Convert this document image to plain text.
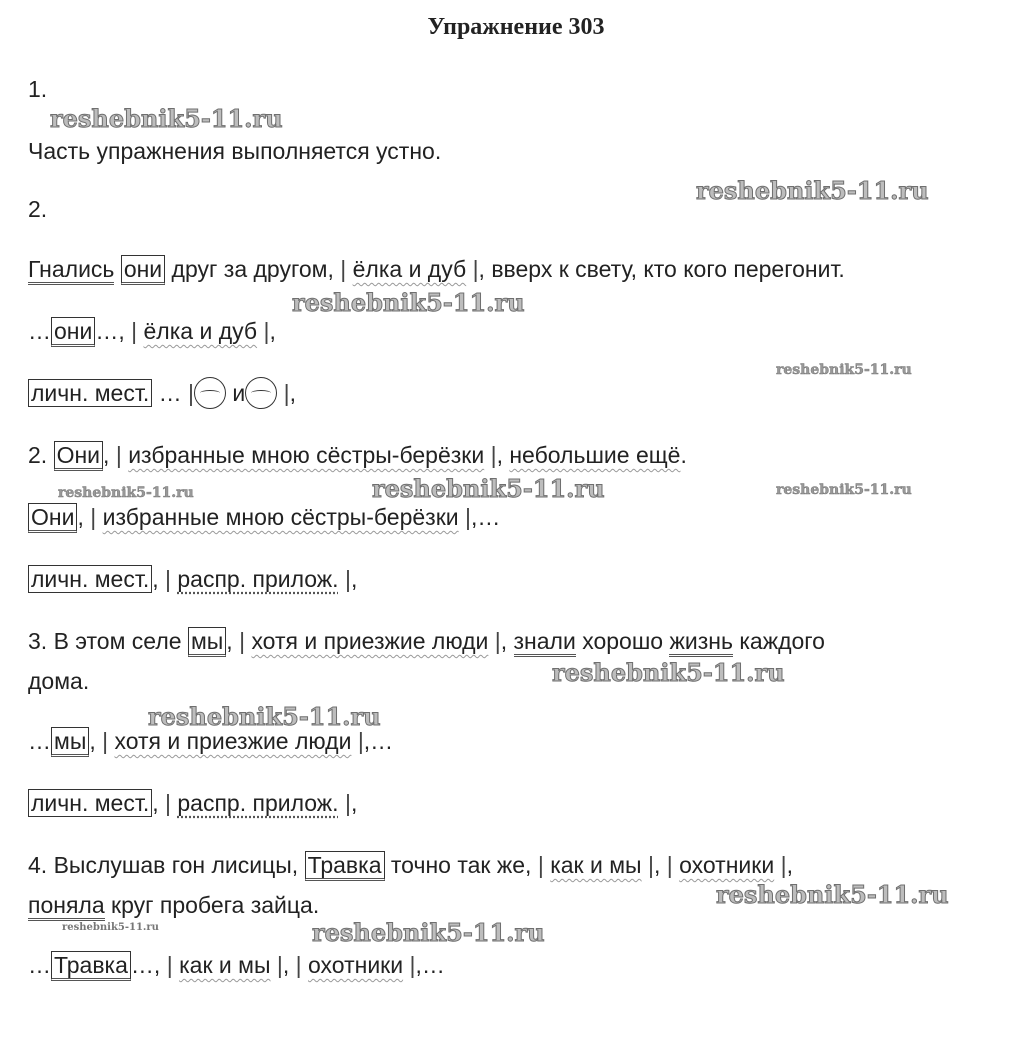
Упражнение 303
1.
Часть упражнения выполняется устно.
2.
Гнались они друг за другом, | ёлка и дуб |, вверх к свету, кто кого перегонит.
… они …, | ёлка и дуб |,
личн. мест. … | и |,
2. Они , | избранные мною сёстры-берёзки |, небольшие ещё.
Они , | избранные мною сёстры-берёзки |,…
личн. мест. , | распр. прилож. |,
3. В этом селе мы , | хотя и приезжие люди |, знали хорошо жизнь каждого
дома.
… мы , | хотя и приезжие люди |,…
личн. мест. , | распр. прилож. |,
4. Выслушав гон лисицы, Травка точно так же, | как и мы |, | охотники |,
поняла круг пробега зайца.
… Травка …, | как и мы |, | охотники |,…
reshebnik5-11.ru
reshebnik5-11.ru
reshebnik5-11.ru
reshebnik5-11.ru
reshebnik5-11.ru	reshebnik5-11.ru	reshebnik5-11.ru
reshebnik5-11.ru
reshebnik5-11.ru
reshebnik5-11.ru
reshebnik5-11.ru	reshebnik5-11.ru
